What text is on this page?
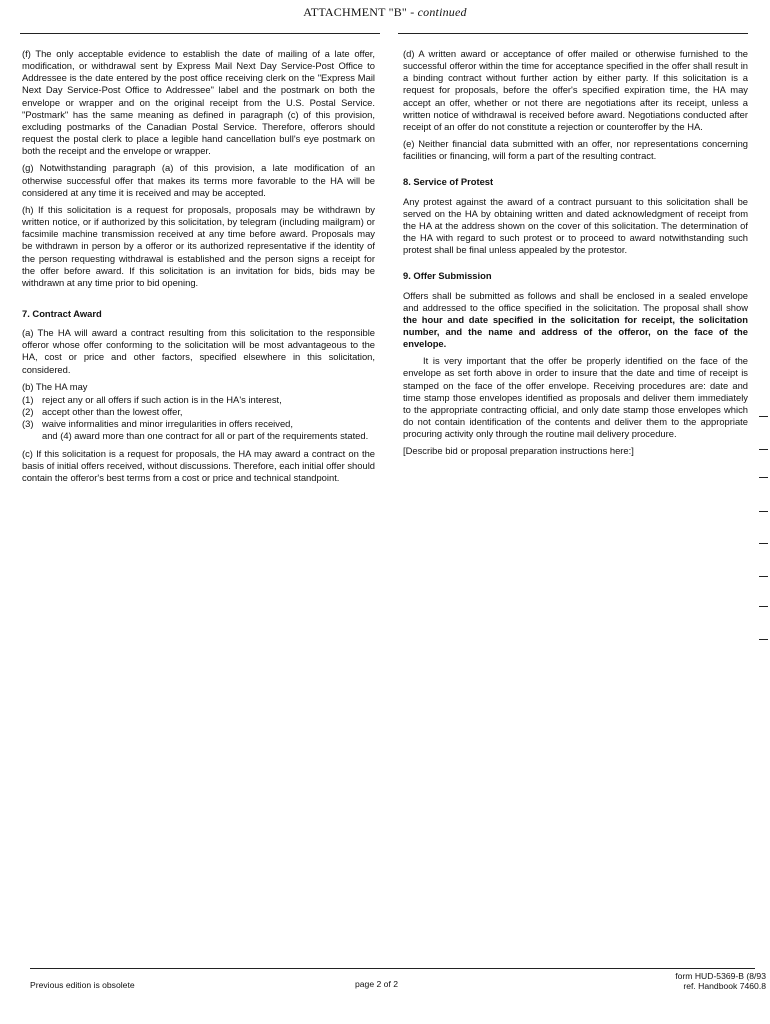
ATTACHMENT "B" - continued

(f) The only acceptable evidence to establish the date of mailing of a late offer, modification, or withdrawal sent by Express Mail Next Day Service-Post Office to Addressee is the date entered by the post office receiving clerk on the "Express Mail Next Day Service-Post Office to Addressee" label and the postmark on both the envelope or wrapper and on the original receipt from the U.S. Postal Service. "Postmark" has the same meaning as defined in paragraph (c) of this provision, excluding postmarks of the Canadian Postal Service. Therefore, offerors should request the postal clerk to place a legible hand cancellation bull's eye postmark on both the receipt and the envelope or wrapper.

(g) Notwithstanding paragraph (a) of this provision, a late modification of an otherwise successful offer that makes its terms more favorable to the HA will be considered at any time it is received and may be accepted.

(h) If this solicitation is a request for proposals, proposals may be withdrawn by written notice, or if authorized by this solicitation, by telegram (including mailgram) or facsimile machine transmission received at any time before award. Proposals may be withdrawn in person by a offeror or its authorized representative if the identity of the person requesting withdrawal is established and the person signs a receipt for the offer before award. If this solicitation is an invitation for bids, bids may be withdrawn at any time prior to bid opening.

7. Contract Award

(a) The HA will award a contract resulting from this solicitation to the responsible offeror whose offer conforming to the solicitation will be most advantageous to the HA, cost or price and other factors, specified elsewhere in this solicitation, considered.

(b) The HA may

(1) reject any or all offers if such action is in the HA's interest,
(2) accept other than the lowest offer,
(3) waive informalities and minor irregularities in offers received,
and (4) award more than one contract for all or part of the requirements stated.

(c) If this solicitation is a request for proposals, the HA may award a contract on the basis of initial offers received, without discussions. Therefore, each initial offer should contain the offeror's best terms from a cost or price and technical standpoint.

(d) A written award or acceptance of offer mailed or otherwise furnished to the successful offeror within the time for acceptance specified in the offer shall result in a binding contract without further action by either party. If this solicitation is a request for proposals, before the offer's specified expiration time, the HA may accept an offer, whether or not there are negotiations after its receipt, unless a written notice of withdrawal is received before award. Negotiations conducted after receipt of an offer do not constitute a rejection or counteroffer by the HA.

(e) Neither financial data submitted with an offer, nor representations concerning facilities or financing, will form a part of the resulting contract.

8. Service of Protest

Any protest against the award of a contract pursuant to this solicitation shall be served on the HA by obtaining written and dated acknowledgment of receipt from the HA at the address shown on the cover of this solicitation. The determination of the HA with regard to such protest or to proceed to award notwithstanding such protest shall be final unless appealed by the protestor.

9. Offer Submission

Offers shall be submitted as follows and shall be enclosed in a sealed envelope and addressed to the office specified in the solicitation. The proposal shall show the hour and date specified in the solicitation for receipt, the solicitation number, and the name and address of the offeror, on the face of the envelope.

It is very important that the offer be properly identified on the face of the envelope as set forth above in order to insure that the date and time of receipt is stamped on the face of the offer envelope. Receiving procedures are: date and time stamp those envelopes identified as proposals and deliver them immediately to the appropriate contracting official, and only date stamp those envelopes which do not contain identification of the contents and deliver them to the appropriate procuring activity only through the routine mail delivery procedure.

[Describe bid or proposal preparation instructions here:]

Previous edition is obsolete	page 2 of 2
form HUD-5369-B (8/93
ref. Handbook 7460.8
